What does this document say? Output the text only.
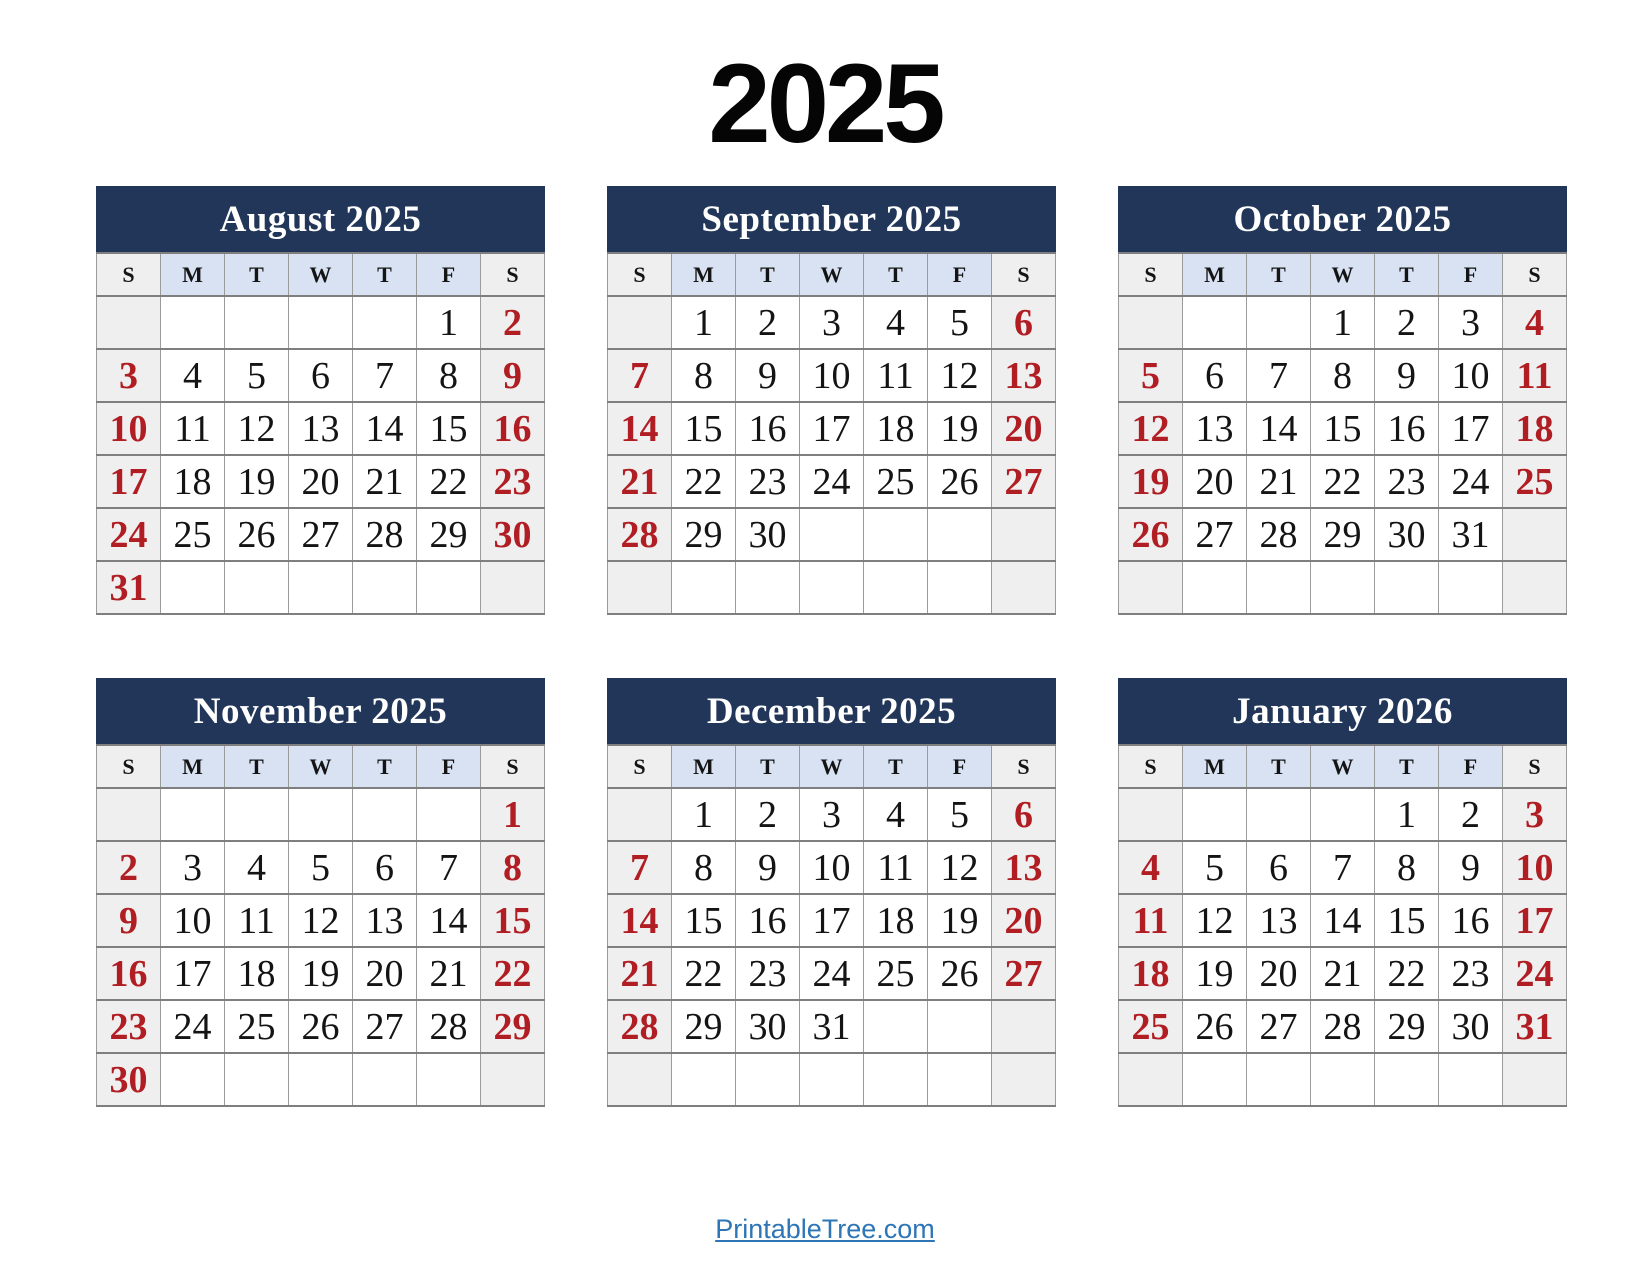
2025
August 2025
S	M	T	W	T	F	S
					1	2
3	4	5	6	7	8	9
10	11	12	13	14	15	16
17	18	19	20	21	22	23
24	25	26	27	28	29	30
31						
September 2025
S	M	T	W	T	F	S
	1	2	3	4	5	6
7	8	9	10	11	12	13
14	15	16	17	18	19	20
21	22	23	24	25	26	27
28	29	30				

October 2025
S	M	T	W	T	F	S
			1	2	3	4
5	6	7	8	9	10	11
12	13	14	15	16	17	18
19	20	21	22	23	24	25
26	27	28	29	30	31	

November 2025
S	M	T	W	T	F	S
						1
2	3	4	5	6	7	8
9	10	11	12	13	14	15
16	17	18	19	20	21	22
23	24	25	26	27	28	29
30						
December 2025
S	M	T	W	T	F	S
	1	2	3	4	5	6
7	8	9	10	11	12	13
14	15	16	17	18	19	20
21	22	23	24	25	26	27
28	29	30	31			

January 2026
S	M	T	W	T	F	S
				1	2	3
4	5	6	7	8	9	10
11	12	13	14	15	16	17
18	19	20	21	22	23	24
25	26	27	28	29	30	31

PrintableTree.com
